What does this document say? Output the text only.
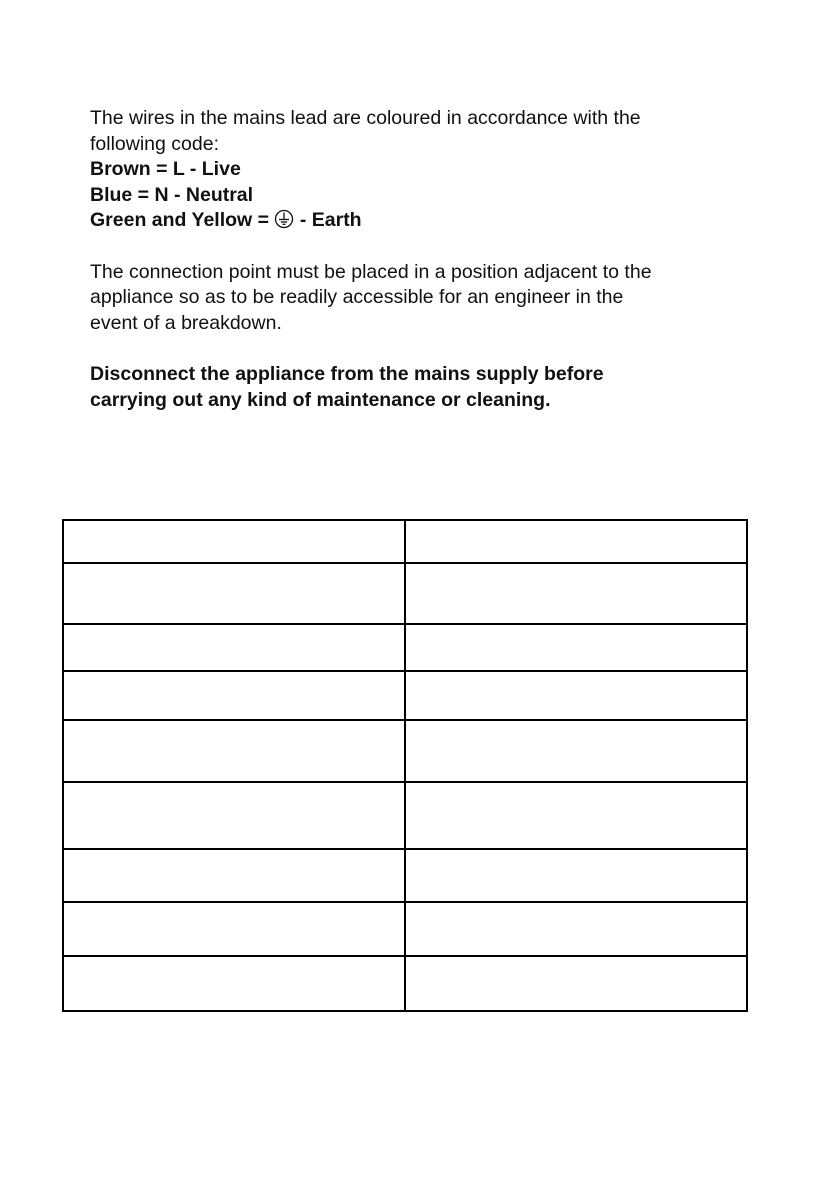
The wires in the mains lead are coloured in accordance with the

following code:

Brown = L - Live

Blue = N - Neutral

Green and Yellow =
- Earth

The connection point must be placed in a position adjacent to the

appliance so as to be readily accessible for an engineer in the

event of a breakdown.

Disconnect the appliance from the mains supply before

carrying out any kind of maintenance or cleaning.
